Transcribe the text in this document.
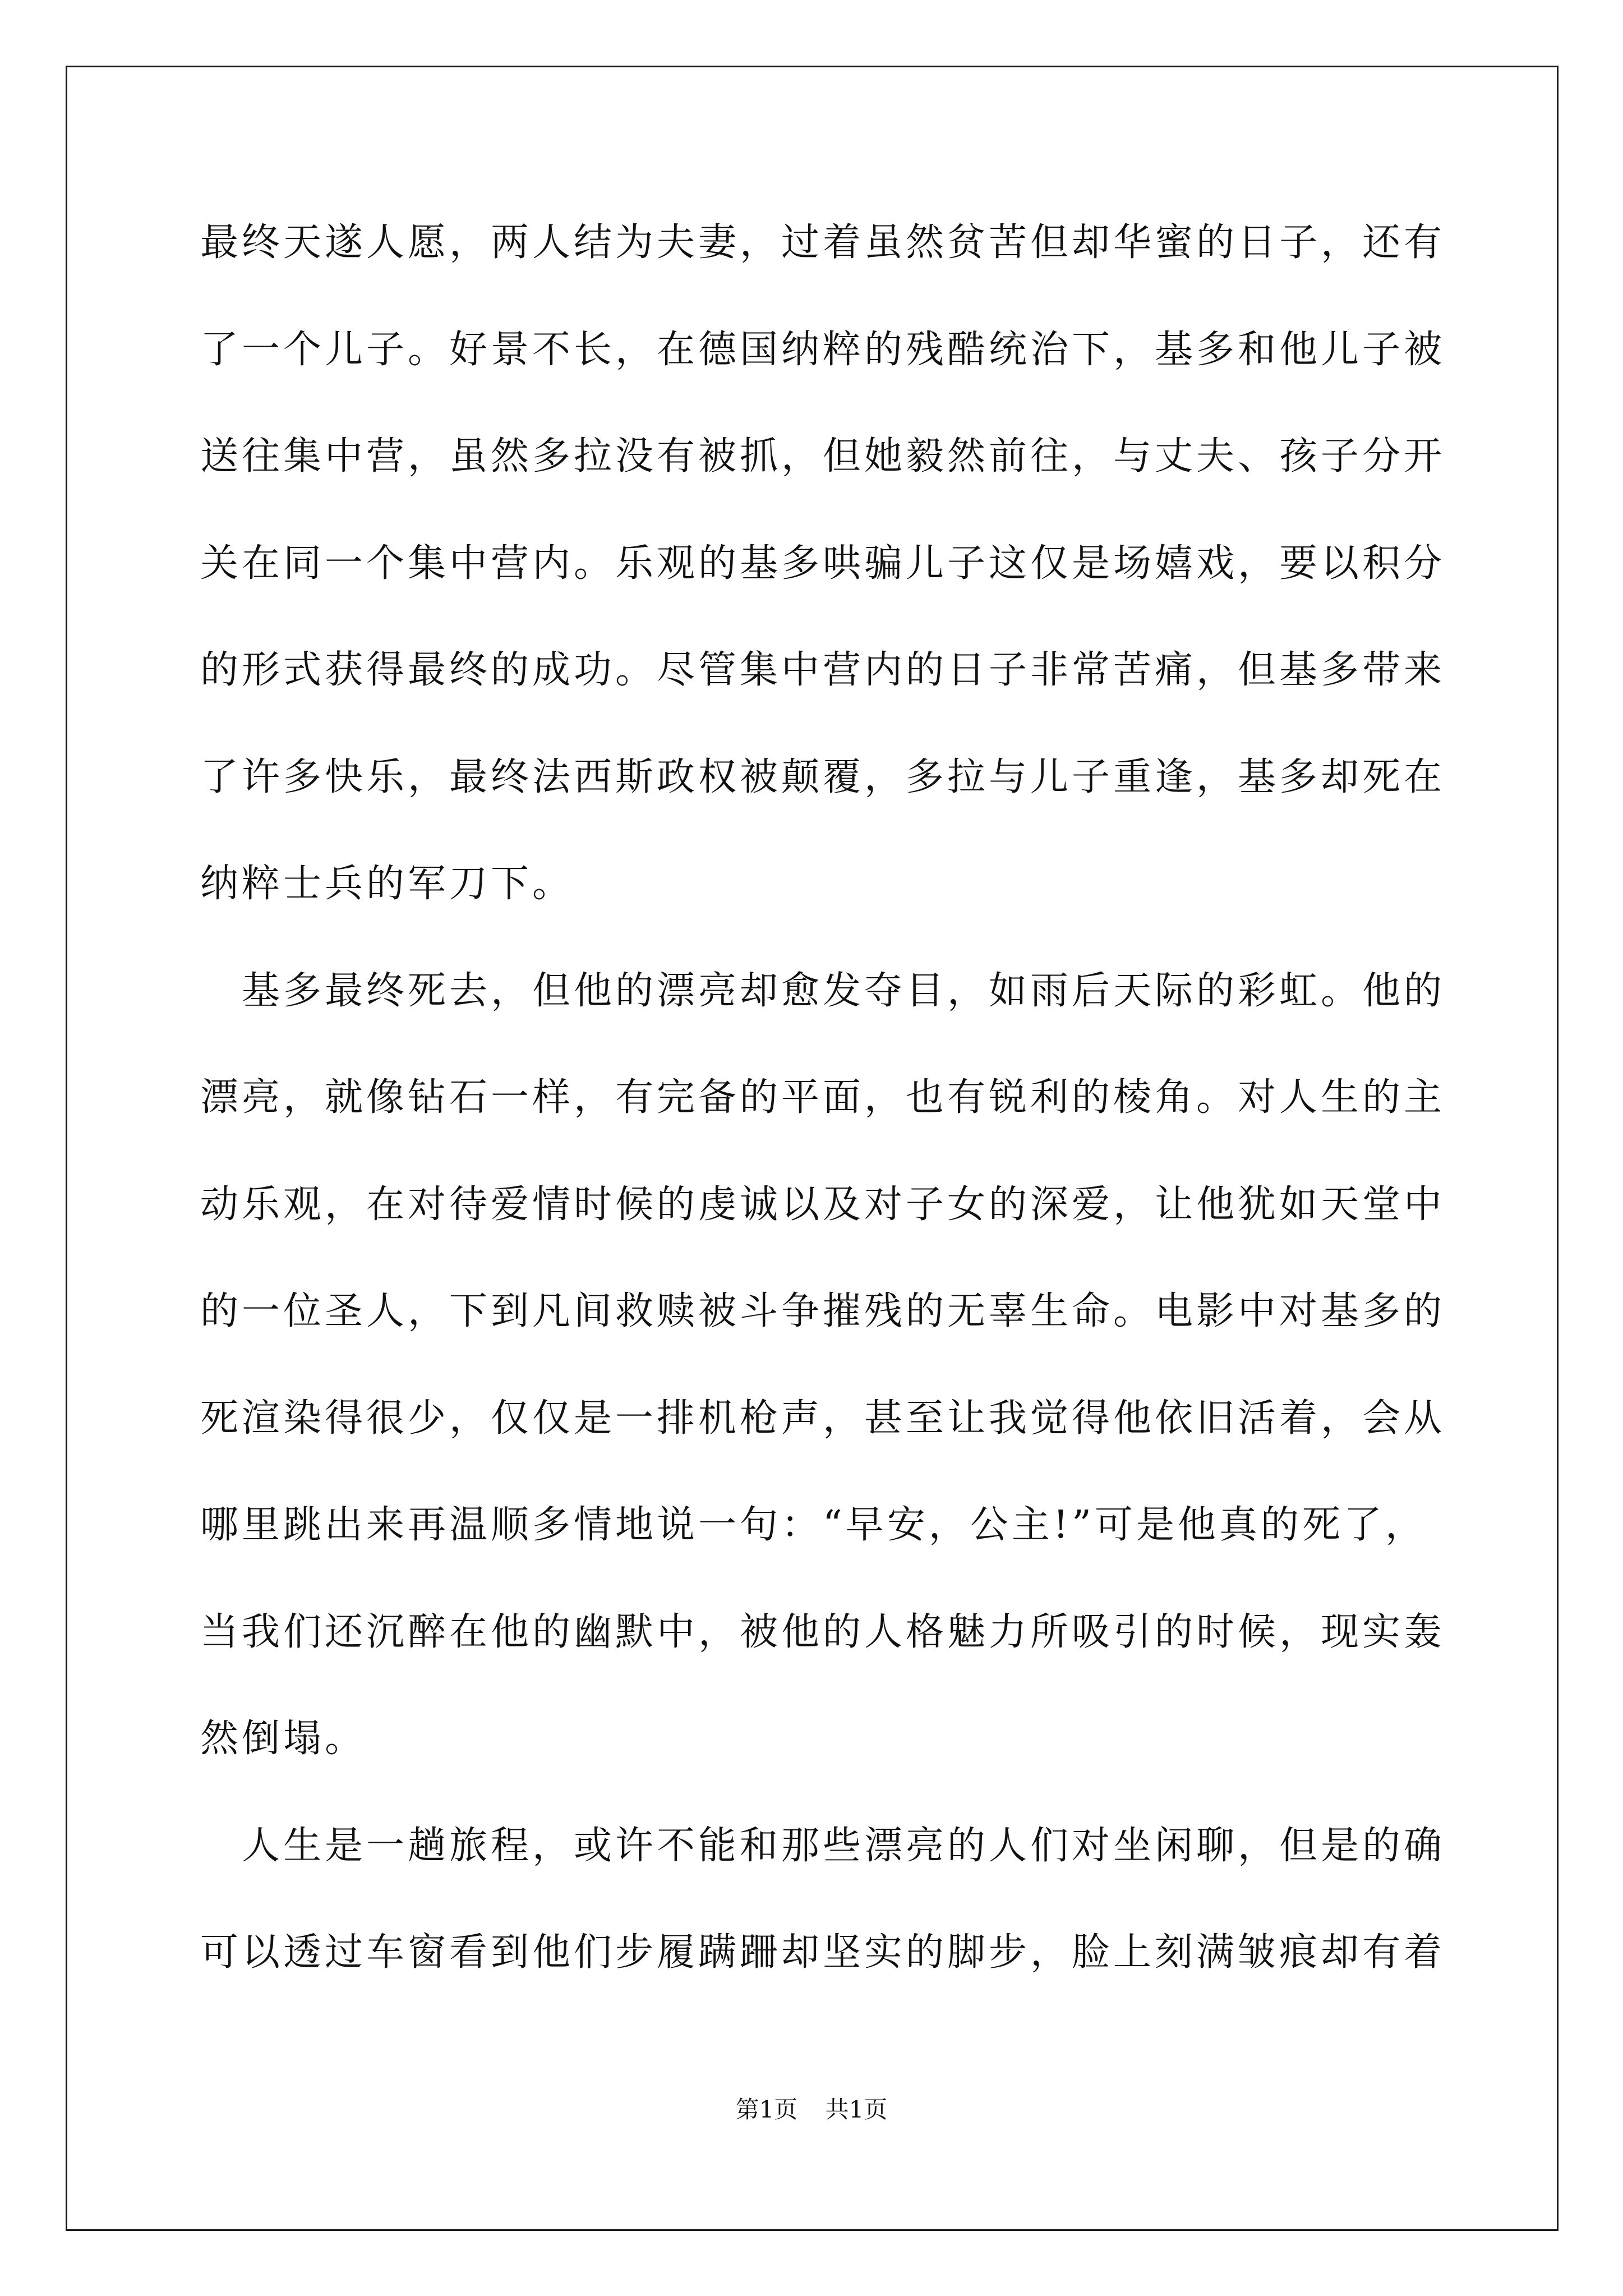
最终天遂人愿，两人结为夫妻，过着虽然贫苦但却华蜜的日子，还有
了一个儿子。好景不长，在德国纳粹的残酷统治下，基多和他儿子被
送往集中营，虽然多拉没有被抓，但她毅然前往，与丈夫、孩子分开
关在同一个集中营内。乐观的基多哄骗儿子这仅是场嬉戏，要以积分
的形式获得最终的成功。尽管集中营内的日子非常苦痛，但基多带来
了许多快乐，最终法西斯政权被颠覆，多拉与儿子重逢，基多却死在
纳粹士兵的军刀下。
　基多最终死去，但他的漂亮却愈发夺目，如雨后天际的彩虹。他的
漂亮，就像钻石一样，有完备的平面，也有锐利的棱角。对人生的主
动乐观，在对待爱情时候的虔诚以及对子女的深爱，让他犹如天堂中
的一位圣人，下到凡间救赎被斗争摧残的无辜生命。电影中对基多的
死渲染得很少，仅仅是一排机枪声，甚至让我觉得他依旧活着，会从
哪里跳出来再温顺多情地说一句：“早安，公主!”可是他真的死了，
当我们还沉醉在他的幽默中，被他的人格魅力所吸引的时候，现实轰
然倒塌。
　人生是一趟旅程，或许不能和那些漂亮的人们对坐闲聊，但是的确
可以透过车窗看到他们步履蹒跚却坚实的脚步，脸上刻满皱痕却有着
第1页 共1页
